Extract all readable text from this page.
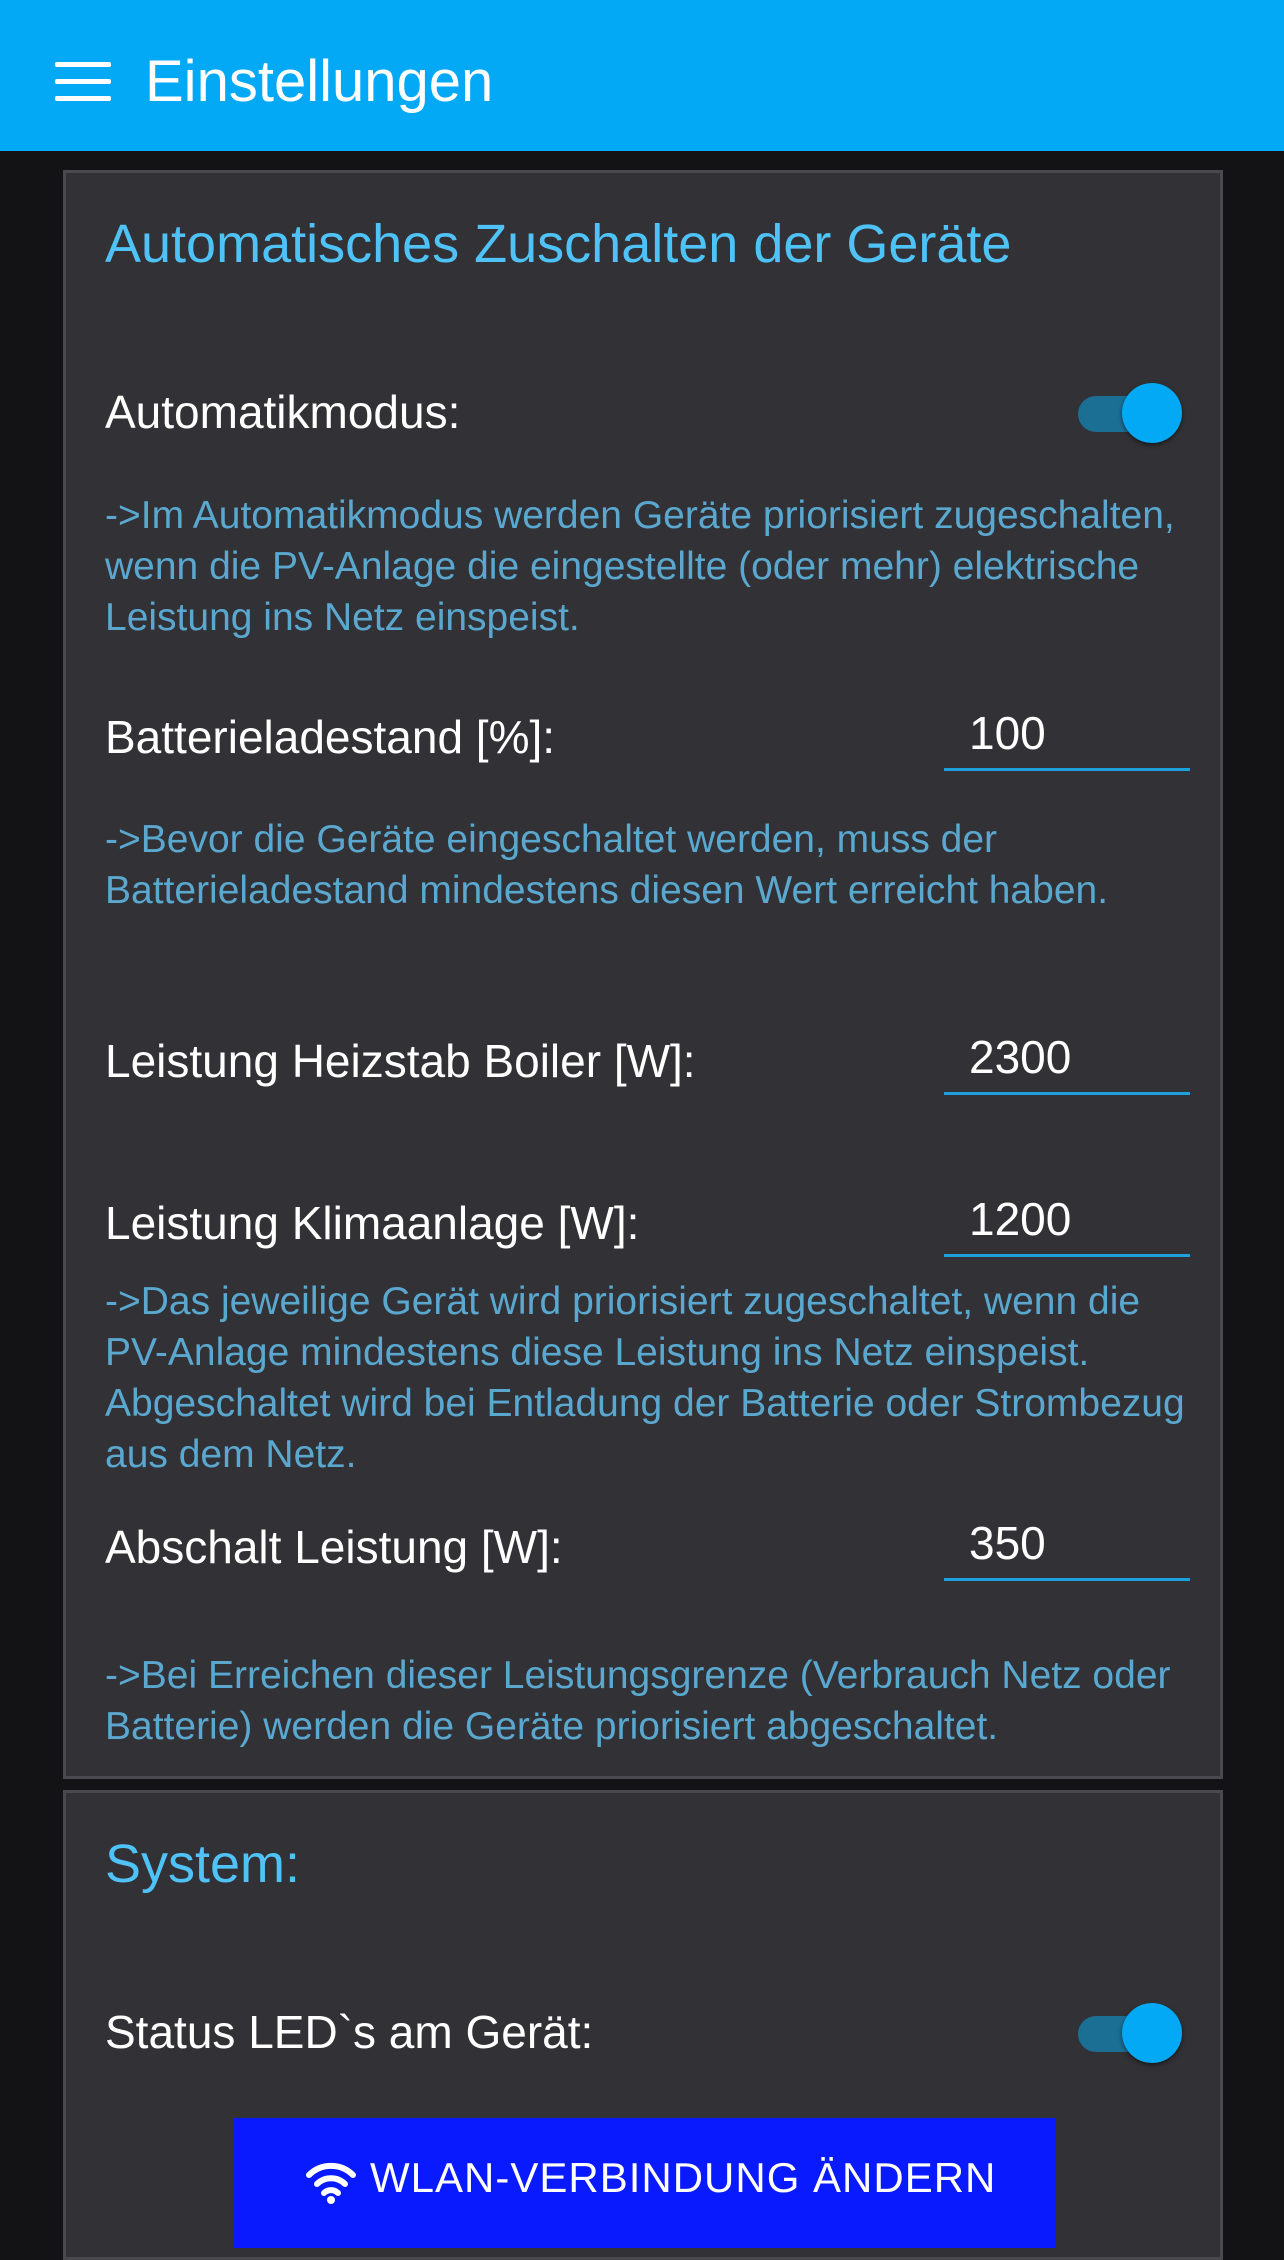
Einstellungen
Automatisches Zuschalten der Geräte
Automatikmodus:
->Im Automatikmodus werden Geräte priorisiert zugeschalten, wenn die PV-Anlage die eingestellte (oder mehr) elektrische Leistung ins Netz einspeist.
Batterieladestand [%]:
100
->Bevor die Geräte eingeschaltet werden, muss der Batterieladestand mindestens diesen Wert erreicht haben.
Leistung Heizstab Boiler [W]:
2300
Leistung Klimaanlage [W]:
1200
->Das jeweilige Gerät wird priorisiert zugeschaltet, wenn die PV-Anlage mindestens diese Leistung ins Netz einspeist. Abgeschaltet wird bei Entladung der Batterie oder Strombezug aus dem Netz.
Abschalt Leistung [W]:
350
->Bei Erreichen dieser Leistungsgrenze (Verbrauch Netz oder Batterie) werden die Geräte priorisiert abgeschaltet.
System:
Status LED`s am Gerät:
WLAN-VERBINDUNG ÄNDERN
